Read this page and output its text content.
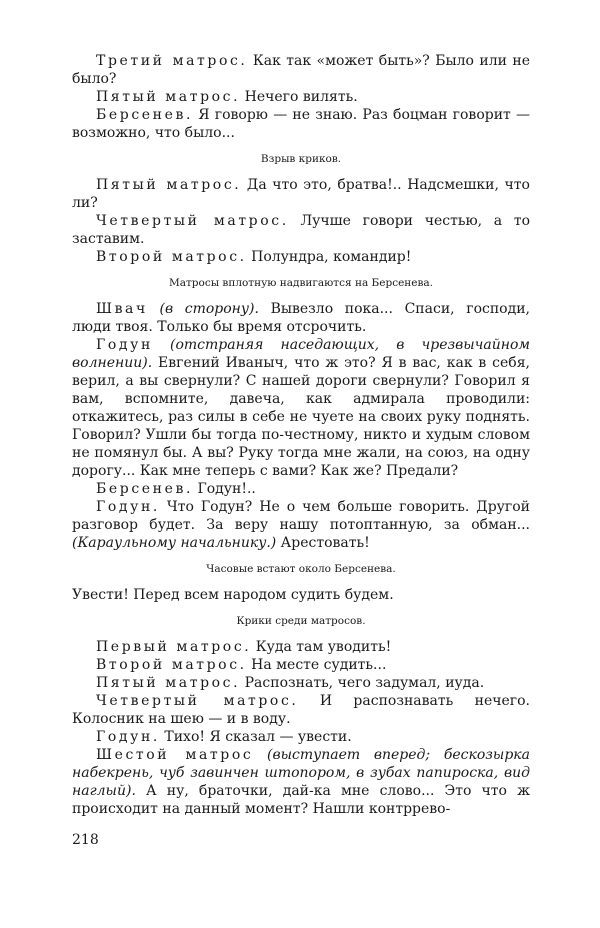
Третий матрос. Как так «может быть»? Было или не было?

Пятый матрос. Нечего вилять.

Берсенев. Я говорю — не знаю. Раз боцман говорит — возможно, что было...

Взрыв криков.

Пятый матрос. Да что это, братва!.. Надсмешки, что ли?

Четвертый матрос. Лучше говори честью, а то заставим.

Второй матрос. Полундра, командир!

Матросы вплотную надвигаются на Берсенева.

Швач (в сторону). Вывезло пока... Спаси, господи, люди твоя. Только бы время отсрочить.

Годун (отстраняя наседающих, в чрезвычайном волнении). Евгений Иваныч, что ж это? Я в вас, как в себя, верил, а вы свернули? С нашей дороги свернули? Говорил я вам, вспомните, давеча, как адмирала проводили: откажитесь, раз силы в себе не чуете на своих руку поднять. Говорил? Ушли бы тогда по-честному, никто и худым словом не помянул бы. А вы? Руку тогда мне жали, на союз, на одну дорогу... Как мне теперь с вами? Как же? Предали?

Берсенев. Годун!..

Годун. Что Годун? Не о чем больше говорить. Другой разговор будет. За веру нашу потоптанную, за обман... (Караульному начальнику.) Арестовать!

Часовые встают около Берсенева.

Увести! Перед всем народом судить будем.

Крики среди матросов.

Первый матрос. Куда там уводить!

Второй матрос. На месте судить...

Пятый матрос. Распознать, чего задумал, иуда.

Четвертый матрос. И распознавать нечего. Колосник на шею — и в воду.

Годун. Тихо! Я сказал — увести.

Шестой матрос (выступает вперед; бескозырка набекрень, чуб завинчен штопором, в зубах папироска, вид наглый). А ну, браточки, дай-ка мне слово... Это что ж происходит на данный момент? Нашли контррево-

218
